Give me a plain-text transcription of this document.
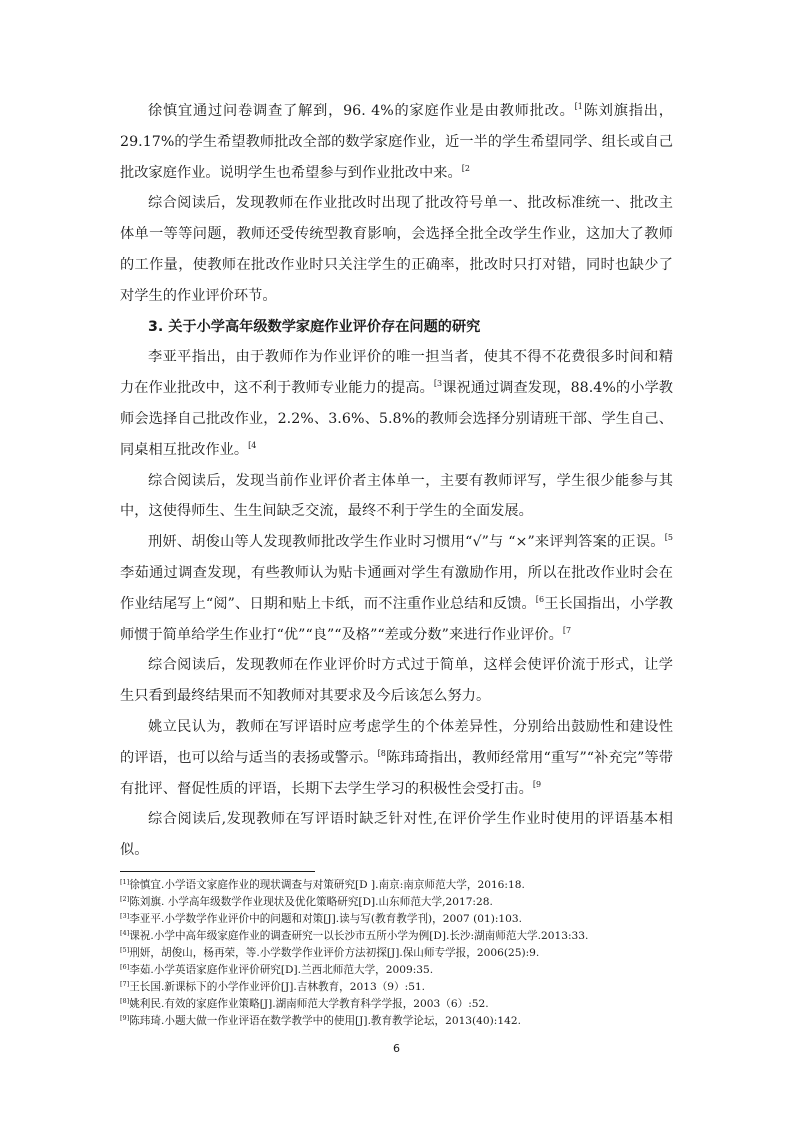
徐慎宜通过问卷调查了解到，96. 4%的家庭作业是由教师批改。$^{[1}$陈刘旗指出，29.17%的学生希望教师批改全部的数学家庭作业，近一半的学生希望同学、组长或自己批改家庭作业。说明学生也希望参与到作业批改中来。$^{[2}$

综合阅读后，发现教师在作业批改时出现了批改符号单一、批改标准统一、批改主体单一等等问题，教师还受传统型教育影响，会选择全批全改学生作业，这加大了教师的工作量，使教师在批改作业时只关注学生的正确率，批改时只打对错，同时也缺少了对学生的作业评价环节。

3. 关于小学高年级数学家庭作业评价存在问题的研究

李亚平指出，由于教师作为作业评价的唯一担当者，使其不得不花费很多时间和精力在作业批改中，这不利于教师专业能力的提高。$^{[3}$课祝通过调查发现，88.4%的小学教师会选择自己批改作业，2.2%、3.6%、5.8%的教师会选择分别请班干部、学生自己、同桌相互批改作业。$^{[4}$

综合阅读后，发现当前作业评价者主体单一，主要有教师评写，学生很少能参与其中，这使得师生、生生间缺乏交流，最终不利于学生的全面发展。

刑妍、胡俊山等人发现教师批改学生作业时习惯用“√”与 “×”来评判答案的正误。$^{[5}$李茹通过调查发现，有些教师认为贴卡通画对学生有激励作用，所以在批改作业时会在作业结尾写上“阅”、日期和贴上卡纸，而不注重作业总结和反馈。$^{[6}$王长国指出，小学教师惯于简单给学生作业打“优”“良”“及格”“差或分数”来进行作业评价。$^{[7}$

综合阅读后，发现教师在作业评价时方式过于简单，这样会使评价流于形式，让学生只看到最终结果而不知教师对其要求及今后该怎么努力。

姚立民认为，教师在写评语时应考虑学生的个体差异性，分别给出鼓励性和建设性的评语，也可以给与适当的表扬或警示。$^{[8}$陈玮琦指出，教师经常用“重写”“补充完”等带有批评、督促性质的评语，长期下去学生学习的积极性会受打击。$^{[9}$

综合阅读后,发现教师在写评语时缺乏针对性,在评价学生作业时使用的评语基本相似。

[1]徐慎宜.小学语文家庭作业的现状调查与对策研究[D ].南京:南京师范大学，2016:18.

[2]陈刘旗. 小学高年级数学作业现状及优化策略研究[D].山东师范大学,2017:28.

[3]李亚平.小学数学作业评价中的问题和对策[J].读与写(教育教学刊)，2007 (01):103.

[4]课祝.小学中高年级家庭作业的调查研究一以长沙市五所小学为例[D].长沙:湖南师范大学.2013:33.

[5]刑妍，胡俊山，杨再荣，等.小学数学作业评价方法初探[J].保山师专学报，2006(25):9.

[6]李茹.小学英语家庭作业评价研究[D].兰西北师范大学，2009:35.

[7]王长国.新课标下的小学作业评价[J].吉林教育，2013（9）:51.

[8]姚利民.有效的家庭作业策略[J].湖南师范大学教育科学学报，2003（6）:52.

[9]陈玮琦.小题大做一作业评语在数学教学中的使用[J].教育教学论坛，2013(40):142.

6
